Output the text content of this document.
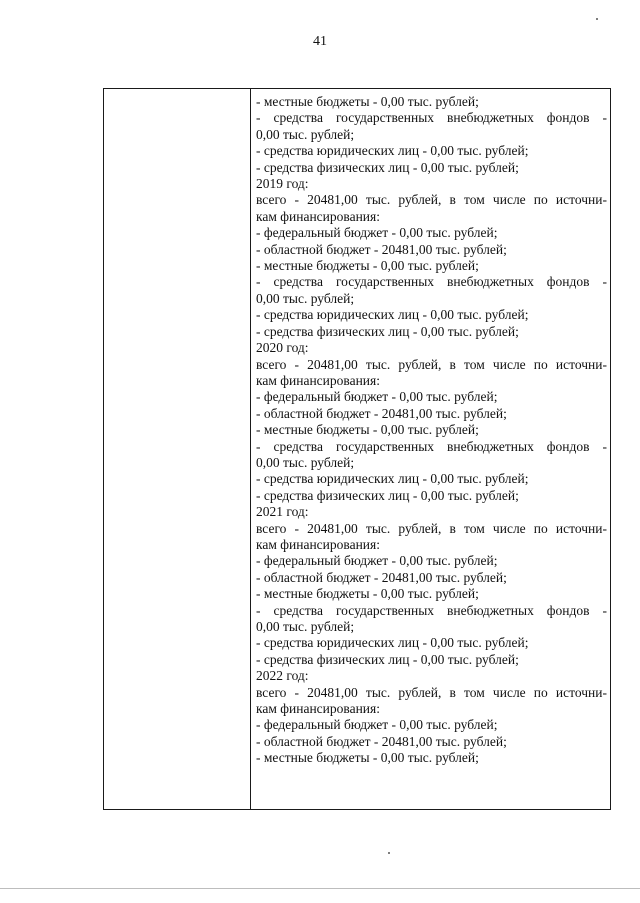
41
- местные бюджеты - 0,00 тыс. рублей;
- средства государственных внебюджетных фондов -
0,00 тыс. рублей;
- средства юридических лиц - 0,00 тыс. рублей;
- средства физических лиц - 0,00 тыс. рублей;
2019 год:
всего - 20481,00 тыс. рублей, в том числе по источни-
кам финансирования:
- федеральный бюджет - 0,00 тыс. рублей;
- областной бюджет - 20481,00 тыс. рублей;
- местные бюджеты - 0,00 тыс. рублей;
- средства государственных внебюджетных фондов -
0,00 тыс. рублей;
- средства юридических лиц - 0,00 тыс. рублей;
- средства физических лиц - 0,00 тыс. рублей;
2020 год:
всего - 20481,00 тыс. рублей, в том числе по источни-
кам финансирования:
- федеральный бюджет - 0,00 тыс. рублей;
- областной бюджет - 20481,00 тыс. рублей;
- местные бюджеты - 0,00 тыс. рублей;
- средства государственных внебюджетных фондов -
0,00 тыс. рублей;
- средства юридических лиц - 0,00 тыс. рублей;
- средства физических лиц - 0,00 тыс. рублей;
2021 год:
всего - 20481,00 тыс. рублей, в том числе по источни-
кам финансирования:
- федеральный бюджет - 0,00 тыс. рублей;
- областной бюджет - 20481,00 тыс. рублей;
- местные бюджеты - 0,00 тыс. рублей;
- средства государственных внебюджетных фондов -
0,00 тыс. рублей;
- средства юридических лиц - 0,00 тыс. рублей;
- средства физических лиц - 0,00 тыс. рублей;
2022 год:
всего - 20481,00 тыс. рублей, в том числе по источни-
кам финансирования:
- федеральный бюджет - 0,00 тыс. рублей;
- областной бюджет - 20481,00 тыс. рублей;
- местные бюджеты - 0,00 тыс. рублей;
